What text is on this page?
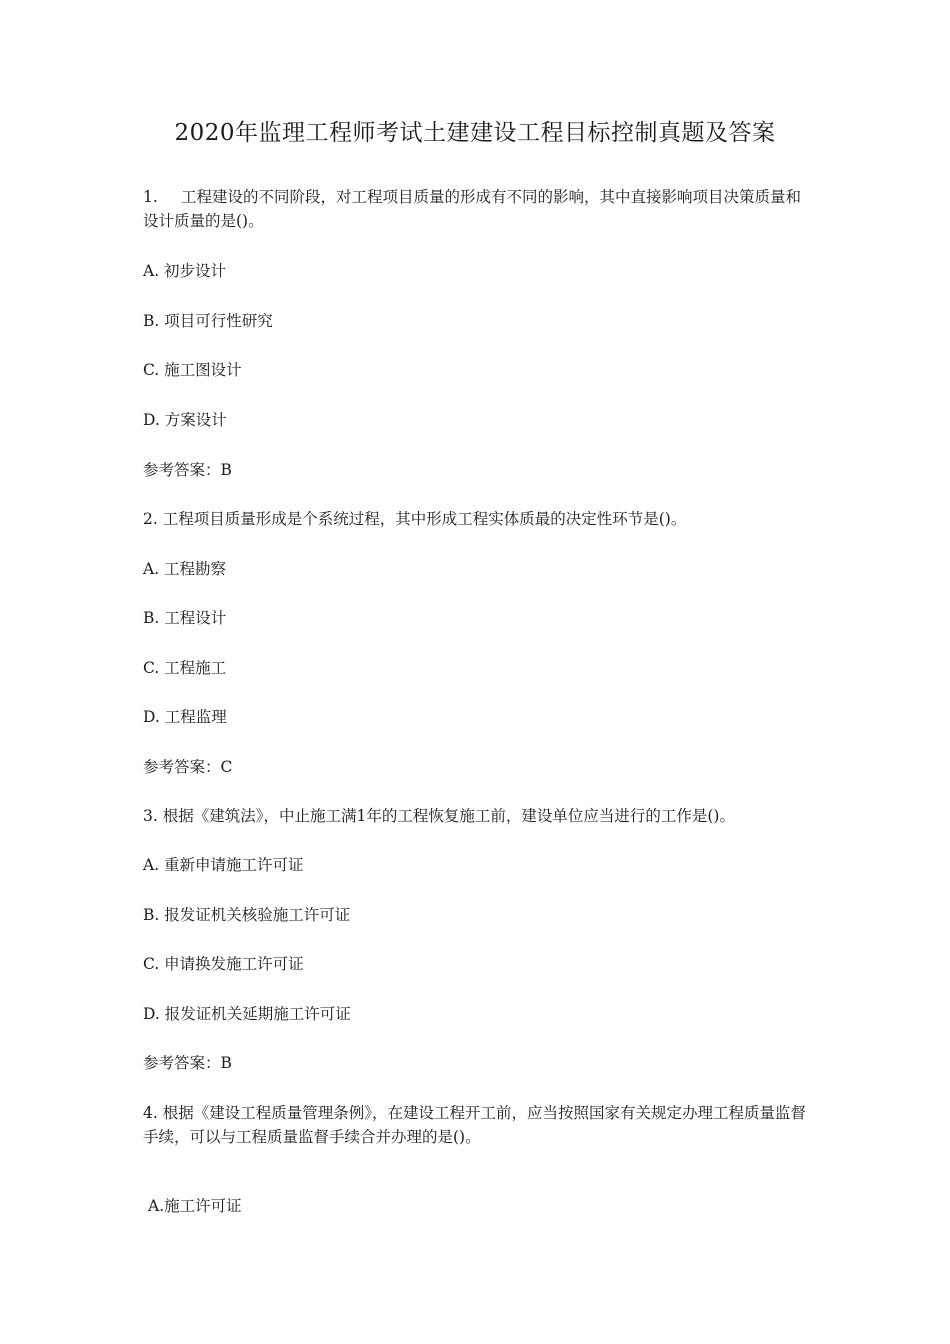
2020年监理工程师考试土建建设工程目标控制真题及答案
1. 工程建设的不同阶段，对工程项目质量的形成有不同的影响，其中直接影响项目决策质量和设计质量的是()。
A. 初步设计
B. 项目可行性研究
C. 施工图设计
D. 方案设计
参考答案：B
2. 工程项目质量形成是个系统过程，其中形成工程实体质最的决定性环节是()。
A. 工程勘察
B. 工程设计
C. 工程施工
D. 工程监理
参考答案：C
3. 根据《建筑法》，中止施工满1年的工程恢复施工前，建设单位应当进行的工作是()。
A. 重新申请施工许可证
B. 报发证机关核验施工许可证
C. 申请换发施工许可证
D. 报发证机关延期施工许可证
参考答案：B
4. 根据《建设工程质量管理条例》，在建设工程开工前，应当按照国家有关规定办理工程质量监督手续，可以与工程质量监督手续合并办理的是()。
A.施工许可证
